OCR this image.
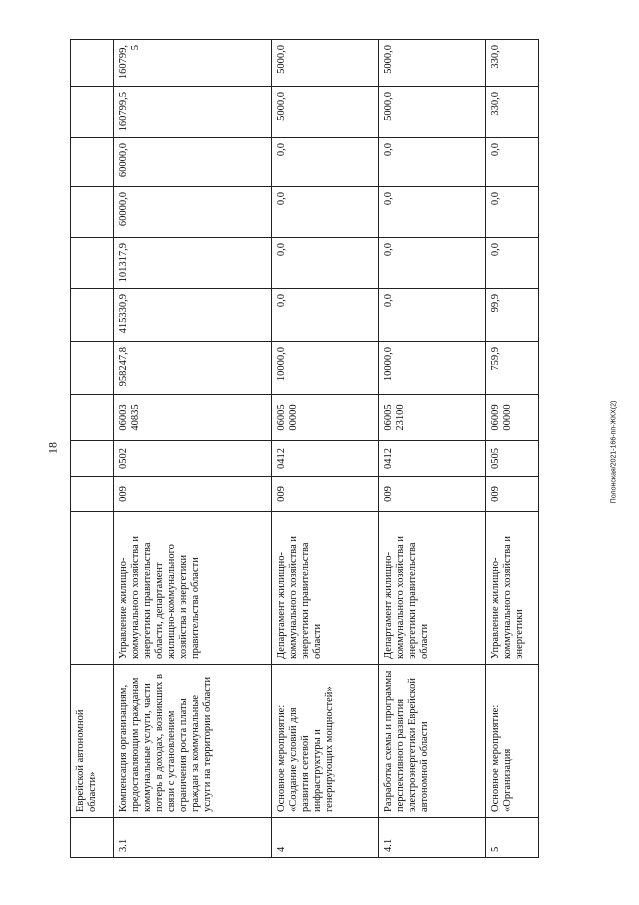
18	Полонская/2021-166-пп-ЖКХ(2)
	Еврейской автономной области»											
3.1	Компенсация организациям, предоставляющим гражданам коммунальные услуги, части потерь в доходах, возникших в связи с установлением ограничения роста платы граждан за коммунальные услуги на территории области	Управление жилищно-коммунального хозяйства и энергетики правительства области, департамент жилищно-коммунального хозяйства и энергетики правительства области	009	0502	06003 40835	958247,8	415330,9	101317,9	60000,0	60000,0	160799,5	160799,5
4	Основное мероприятие: «Создание условий для развития сетевой инфраструктуры и генерирующих мощностей»	Департамент жилищно-коммунального хозяйства и энергетики правительства области	009	0412	06005 00000	10000,0	0,0	0,0	0,0	0,0	5000,0	5000,0
4.1	Разработка схемы и программы перспективного развития электроэнергетики Еврейской автономной области	Департамент жилищно-коммунального хозяйства и энергетики правительства области	009	0412	06005 23100	10000,0	0,0	0,0	0,0	0,0	5000,0	5000,0
5	Основное мероприятие: «Организация	Управление жилищно-коммунального хозяйства и энергетики	009	0505	06009 00000	759,9	99,9	0,0	0,0	0,0	330,0	330,0
